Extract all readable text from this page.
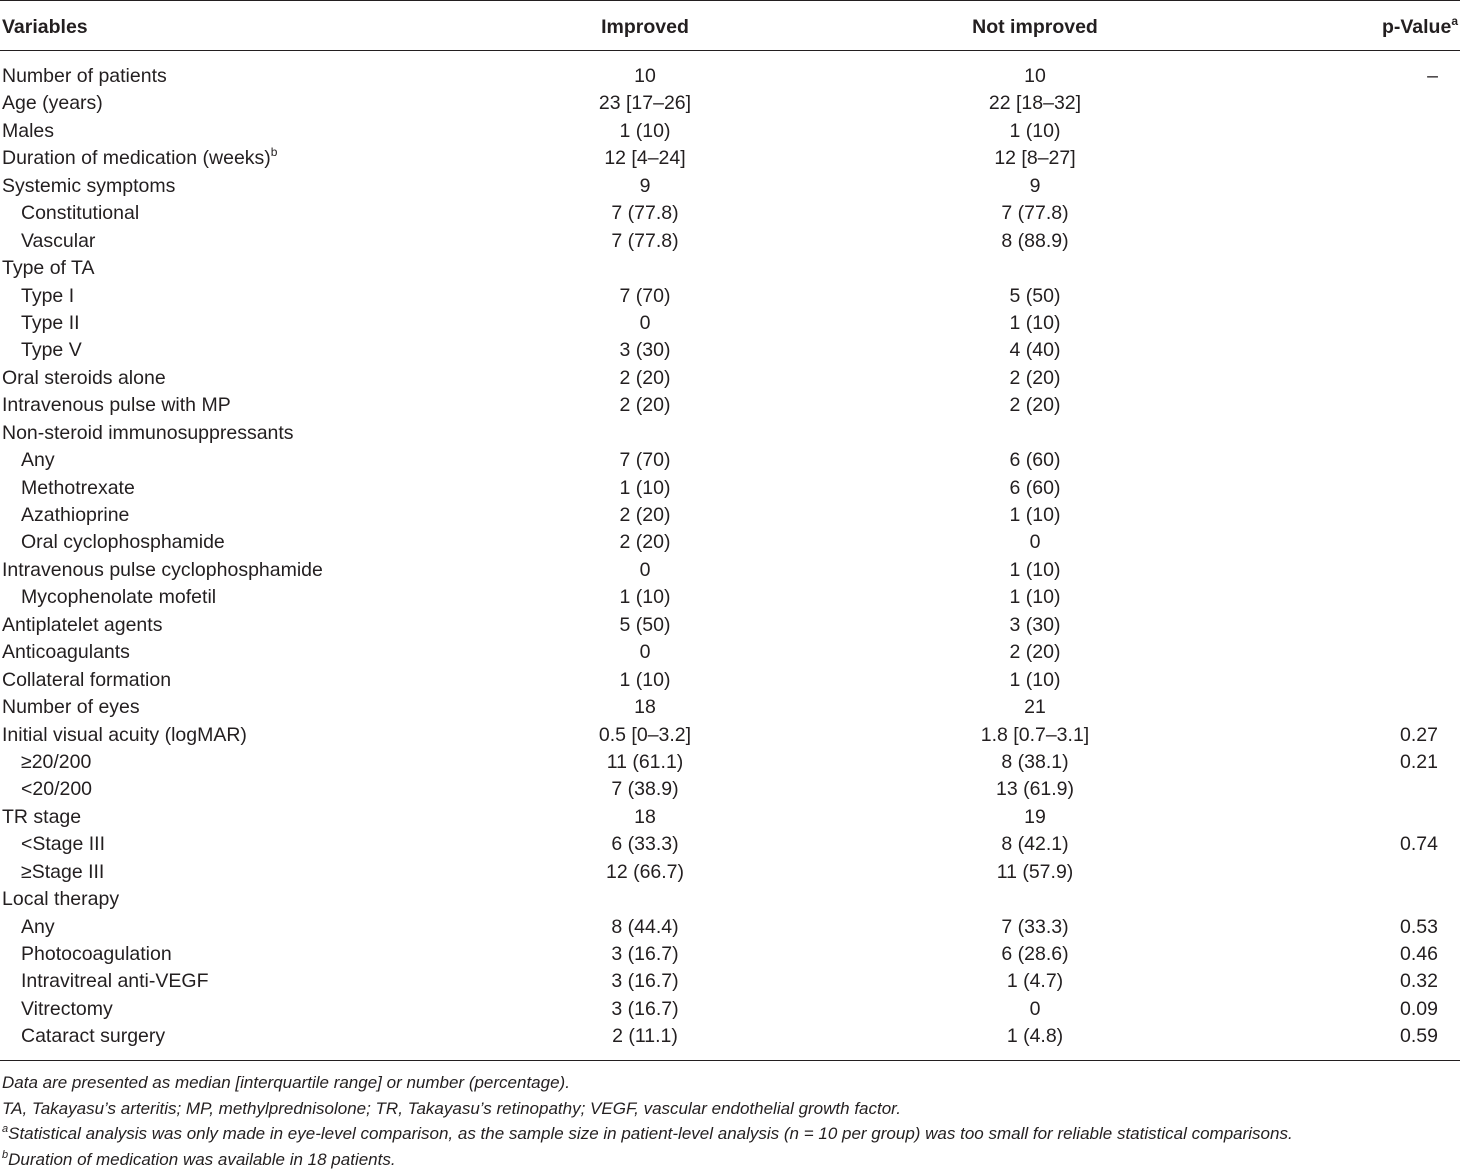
Variables	Improved	Not improved	p-Value$^a$
Number of patients	10	10	–
Age (years)	23 [17–26]	22 [18–32]
Males	1 (10)	1 (10)
Duration of medication (weeks)$^b$	12 [4–24]	12 [8–27]
Systemic symptoms	9	9
Constitutional	7 (77.8)	7 (77.8)
Vascular	7 (77.8)	8 (88.9)
Type of TA
Type I	7 (70)	5 (50)
Type II	0	1 (10)
Type V	3 (30)	4 (40)
Oral steroids alone	2 (20)	2 (20)
Intravenous pulse with MP	2 (20)	2 (20)
Non-steroid immunosuppressants
Any	7 (70)	6 (60)
Methotrexate	1 (10)	6 (60)
Azathioprine	2 (20)	1 (10)
Oral cyclophosphamide	2 (20)	0
Intravenous pulse cyclophosphamide	0	1 (10)
Mycophenolate mofetil	1 (10)	1 (10)
Antiplatelet agents	5 (50)	3 (30)
Anticoagulants	0	2 (20)
Collateral formation	1 (10)	1 (10)
Number of eyes	18	21
Initial visual acuity (logMAR)	0.5 [0–3.2]	1.8 [0.7–3.1]	0.27
≥20/200	11 (61.1)	8 (38.1)	0.21
<20/200	7 (38.9)	13 (61.9)
TR stage	18	19
<Stage III	6 (33.3)	8 (42.1)	0.74
≥Stage III	12 (66.7)	11 (57.9)
Local therapy
Any	8 (44.4)	7 (33.3)	0.53
Photocoagulation	3 (16.7)	6 (28.6)	0.46
Intravitreal anti-VEGF	3 (16.7)	1 (4.7)	0.32
Vitrectomy	3 (16.7)	0	0.09
Cataract surgery	2 (11.1)	1 (4.8)	0.59
Data are presented as median [interquartile range] or number (percentage).
TA, Takayasu’s arteritis; MP, methylprednisolone; TR, Takayasu’s retinopathy; VEGF, vascular endothelial growth factor.
$^a$Statistical analysis was only made in eye-level comparison, as the sample size in patient-level analysis (n = 10 per group) was too small for reliable statistical comparisons.
$^b$Duration of medication was available in 18 patients.
